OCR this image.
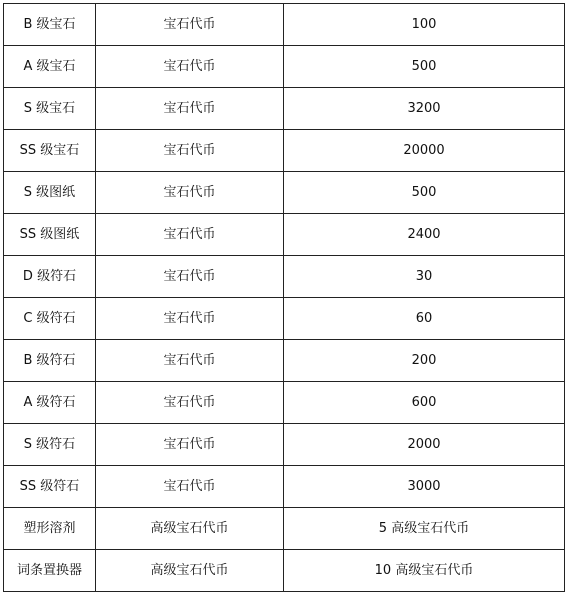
B 级宝石	宝石代币	100
A 级宝石	宝石代币	500
S 级宝石	宝石代币	3200
SS 级宝石	宝石代币	20000
S 级图纸	宝石代币	500
SS 级图纸	宝石代币	2400
D 级符石	宝石代币	30
C 级符石	宝石代币	60
B 级符石	宝石代币	200
A 级符石	宝石代币	600
S 级符石	宝石代币	2000
SS 级符石	宝石代币	3000
塑形溶剂	高级宝石代币	5 高级宝石代币
词条置换器	高级宝石代币	10 高级宝石代币
